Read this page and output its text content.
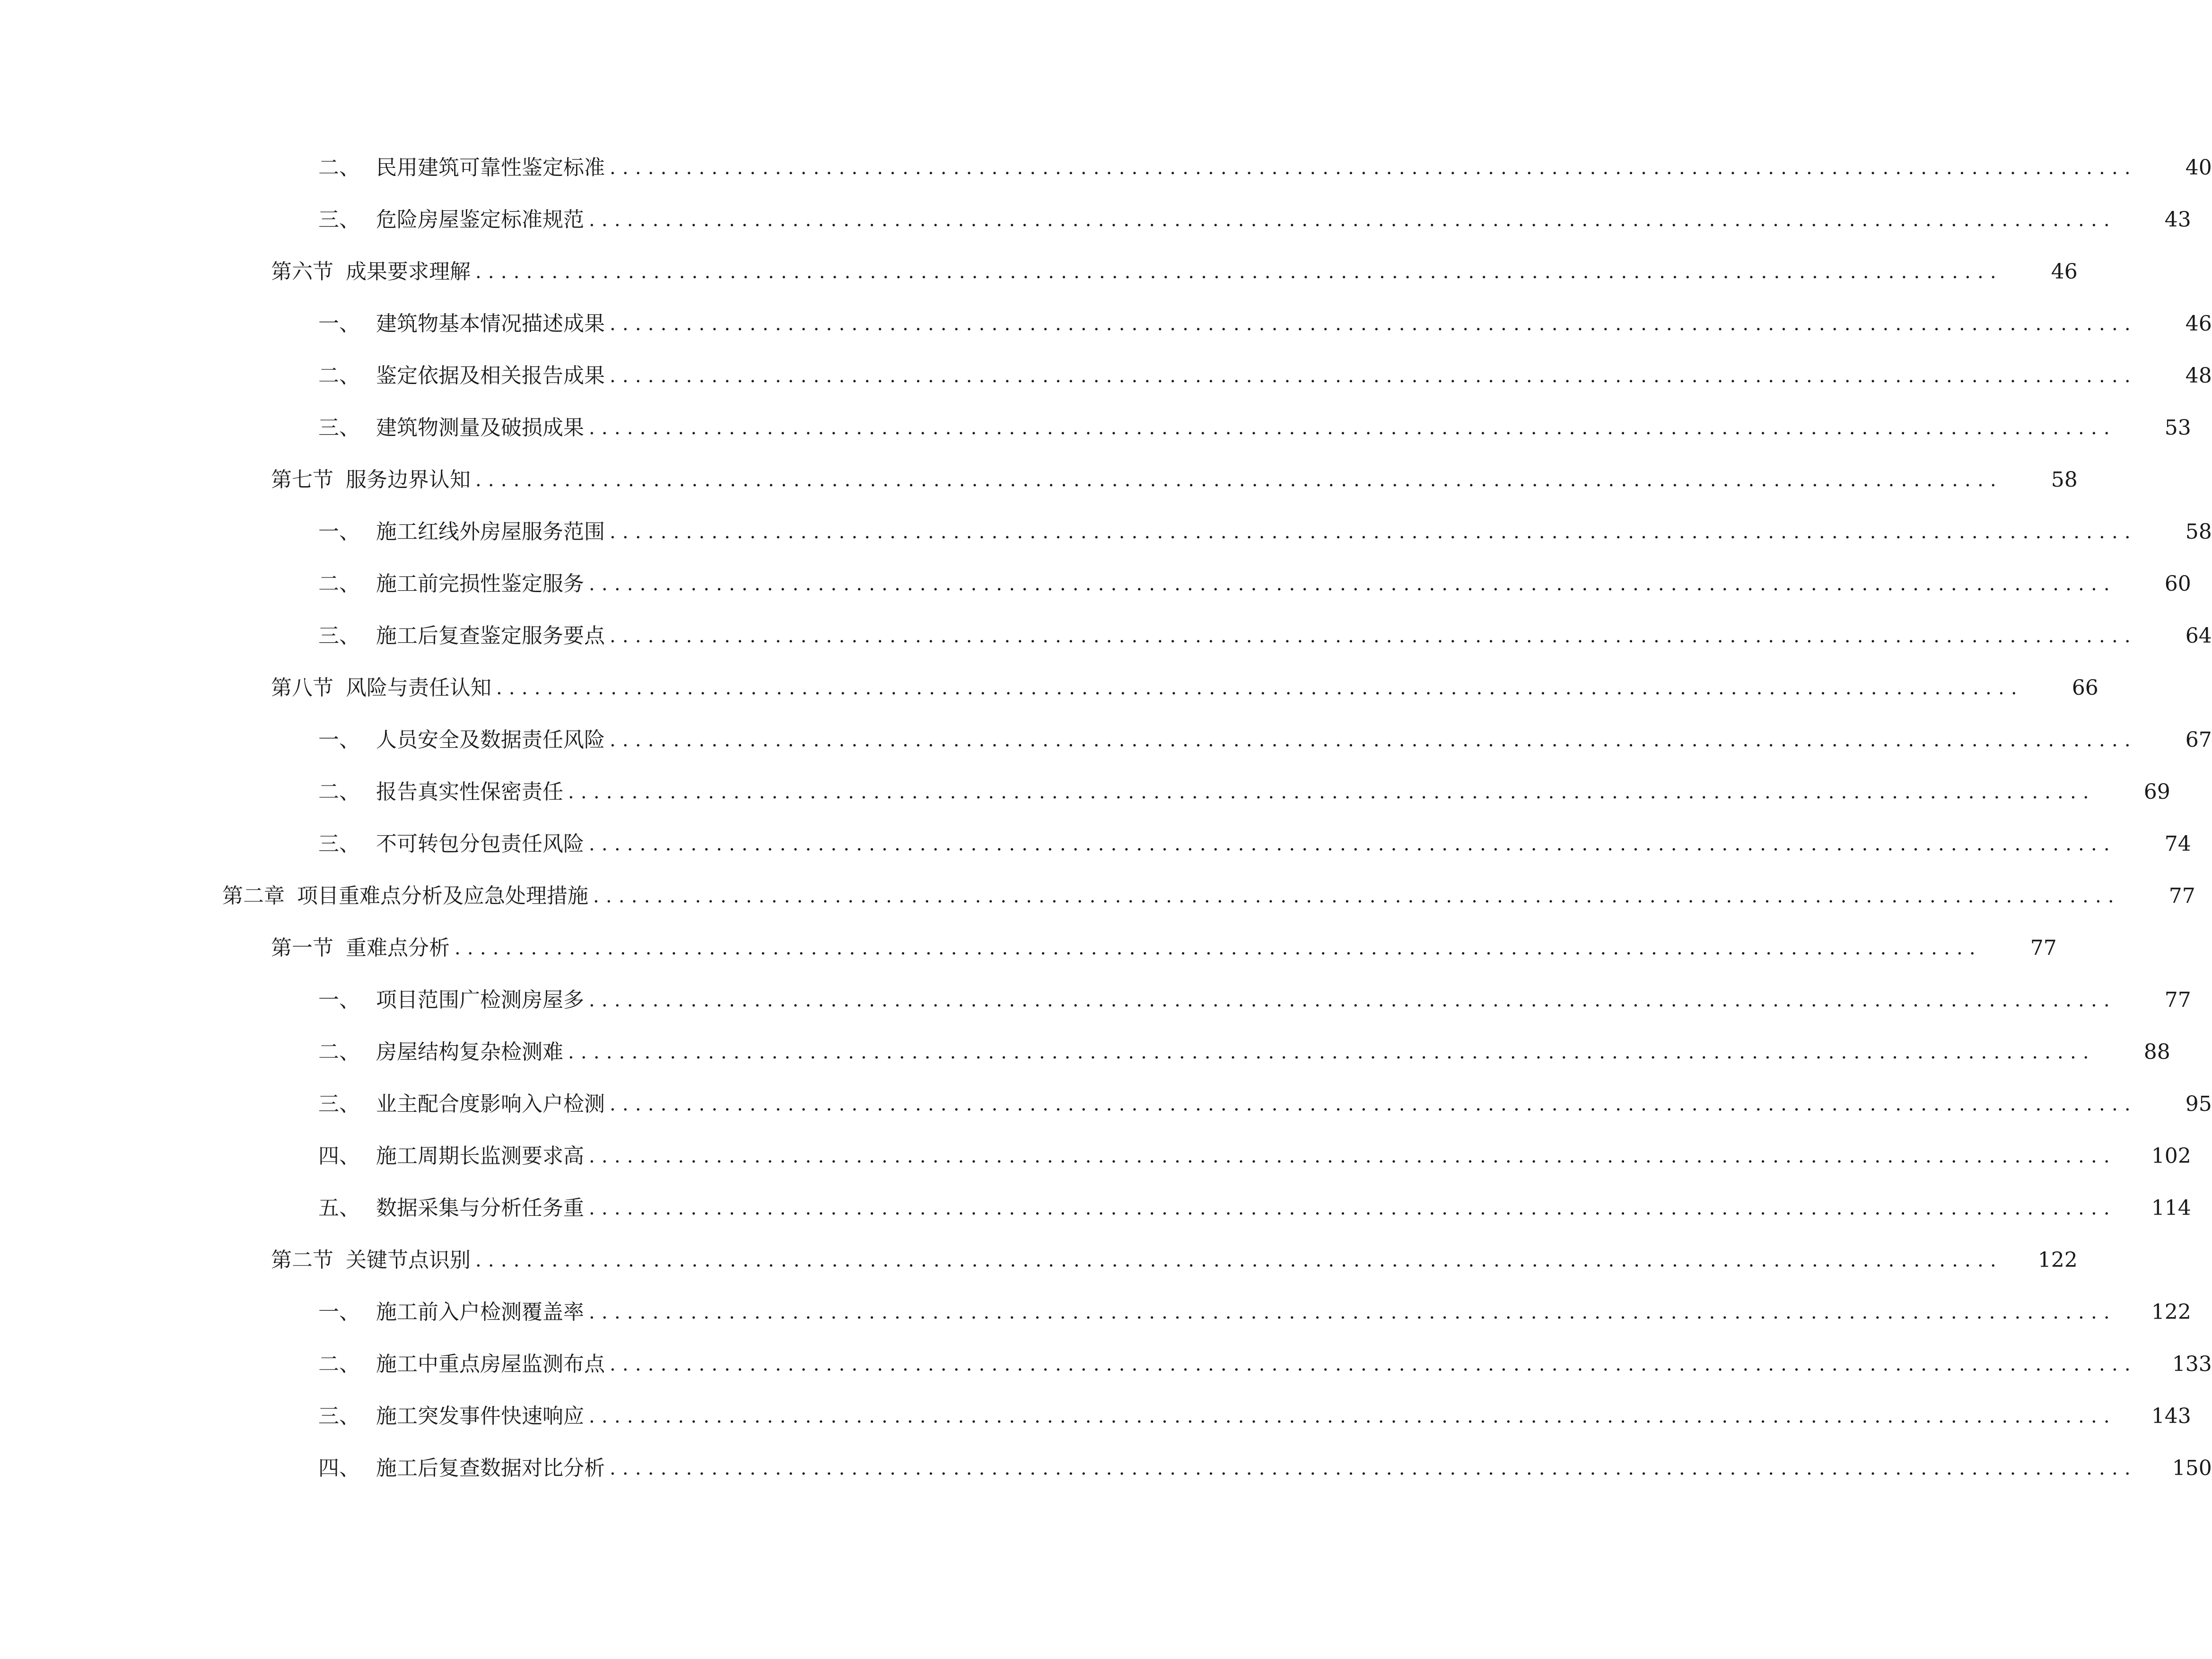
二、 民用建筑可靠性鉴定标准 ........................................................................................................................	40
三、 危险房屋鉴定标准规范 ........................................................................................................................	43
第六节 成果要求理解 ........................................................................................................................	46
一、 建筑物基本情况描述成果 ........................................................................................................................	46
二、 鉴定依据及相关报告成果 ........................................................................................................................	48
三、 建筑物测量及破损成果 ........................................................................................................................	53
第七节 服务边界认知 ........................................................................................................................	58
一、 施工红线外房屋服务范围 ........................................................................................................................	58
二、 施工前完损性鉴定服务 ........................................................................................................................	60
三、 施工后复查鉴定服务要点 ........................................................................................................................	64
第八节 风险与责任认知 ........................................................................................................................	66
一、 人员安全及数据责任风险 ........................................................................................................................	67
二、 报告真实性保密责任 ........................................................................................................................	69
三、 不可转包分包责任风险 ........................................................................................................................	74
第二章 项目重难点分析及应急处理措施 ........................................................................................................................	77
第一节 重难点分析 ........................................................................................................................	77
一、 项目范围广检测房屋多 ........................................................................................................................	77
二、 房屋结构复杂检测难 ........................................................................................................................	88
三、 业主配合度影响入户检测 ........................................................................................................................	95
四、 施工周期长监测要求高 ........................................................................................................................	102
五、 数据采集与分析任务重 ........................................................................................................................	114
第二节 关键节点识别 ........................................................................................................................	122
一、 施工前入户检测覆盖率 ........................................................................................................................	122
二、 施工中重点房屋监测布点 ........................................................................................................................	133
三、 施工突发事件快速响应 ........................................................................................................................	143
四、 施工后复查数据对比分析 ........................................................................................................................	150
